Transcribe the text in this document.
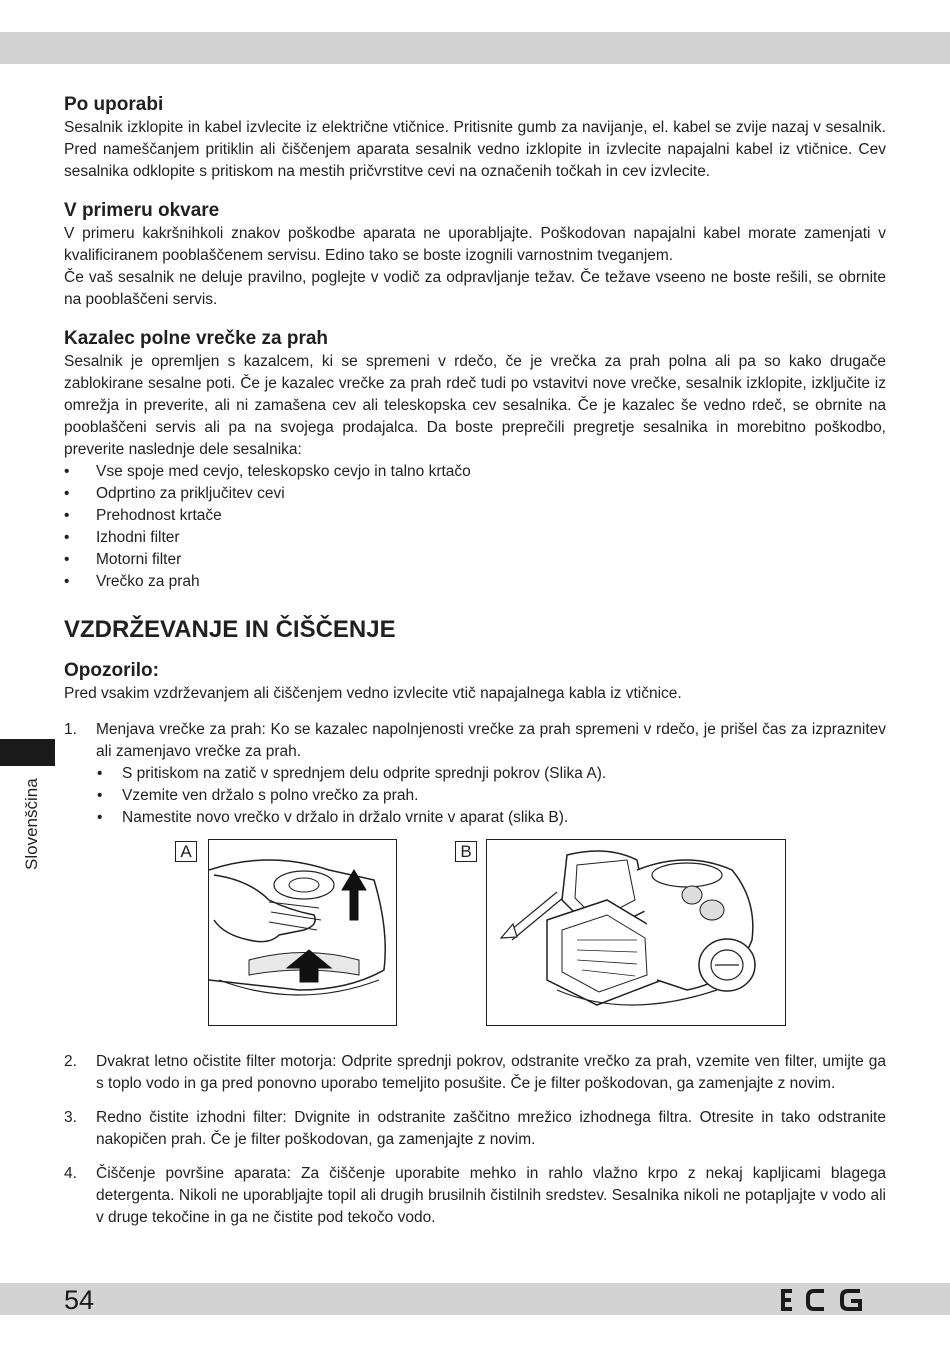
Slovenščina
Po uporabi

Sesalnik izklopite in kabel izvlecite iz električne vtičnice. Pritisnite gumb za navijanje, el. kabel se zvije nazaj v sesalnik. Pred nameščanjem pritiklin ali čiščenjem aparata sesalnik vedno izklopite in izvlecite napajalni kabel iz vtičnice. Cev sesalnika odklopite s pritiskom na mestih pričvrstitve cevi na označenih točkah in cev izvlecite.

V primeru okvare

V primeru kakršnihkoli znakov poškodbe aparata ne uporabljajte. Poškodovan napajalni kabel morate zamenjati v kvalificiranem pooblaščenem servisu. Edino tako se boste izognili varnostnim tveganjem.

Če vaš sesalnik ne deluje pravilno, poglejte v vodič za odpravljanje težav. Če težave vseeno ne boste rešili, se obrnite na pooblaščeni servis.

Kazalec polne vrečke za prah

Sesalnik je opremljen s kazalcem, ki se spremeni v rdečo, če je vrečka za prah polna ali pa so kako drugače zablokirane sesalne poti. Če je kazalec vrečke za prah rdeč tudi po vstavitvi nove vrečke, sesalnik izklopite, izključite iz omrežja in preverite, ali ni zamašena cev ali teleskopska cev sesalnika. Če je kazalec še vedno rdeč, se obrnite na pooblaščeni servis ali pa na svojega prodajalca. Da boste preprečili pregretje sesalnika in morebitno poškodbo, preverite naslednje dele sesalnika:

• Vse spoje med cevjo, teleskopsko cevjo in talno krtačo
• Odprtino za priključitev cevi
• Prehodnost krtače
• Izhodni filter
• Motorni filter
• Vrečko za prah
VZDRŽEVANJE IN ČIŠČENJE
Opozorilo:

Pred vsakim vzdrževanjem ali čiščenjem vedno izvlecite vtič napajalnega kabla iz vtičnice.

1. Menjava vrečke za prah: Ko se kazalec napolnjenosti vrečke za prah spremeni v rdečo, je prišel čas za izpraznitev ali zamenjavo vrečke za prah.

• S pritiskom na zatič v sprednjem delu odprite sprednji pokrov (Slika A).
• Vzemite ven držalo s polno vrečko za prah.
• Namestite novo vrečko v držalo in držalo vrnite v aparat (slika B).
A	B
2. Dvakrat letno očistite filter motorja: Odprite sprednji pokrov, odstranite vrečko za prah, vzemite ven filter, umijte ga s toplo vodo in ga pred ponovno uporabo temeljito posušite. Če je filter poškodovan, ga zamenjajte z novim.

3. Redno čistite izhodni filter: Dvignite in odstranite zaščitno mrežico izhodnega filtra. Otresite in tako odstranite nakopičen prah. Če je filter poškodovan, ga zamenjajte z novim.

4. Čiščenje površine aparata: Za čiščenje uporabite mehko in rahlo vlažno krpo z nekaj kapljicami blagega detergenta. Nikoli ne uporabljajte topil ali drugih brusilnih čistilnih sredstev. Sesalnika nikoli ne potapljajte v vodo ali v druge tekočine in ga ne čistite pod tekočo vodo.

54
